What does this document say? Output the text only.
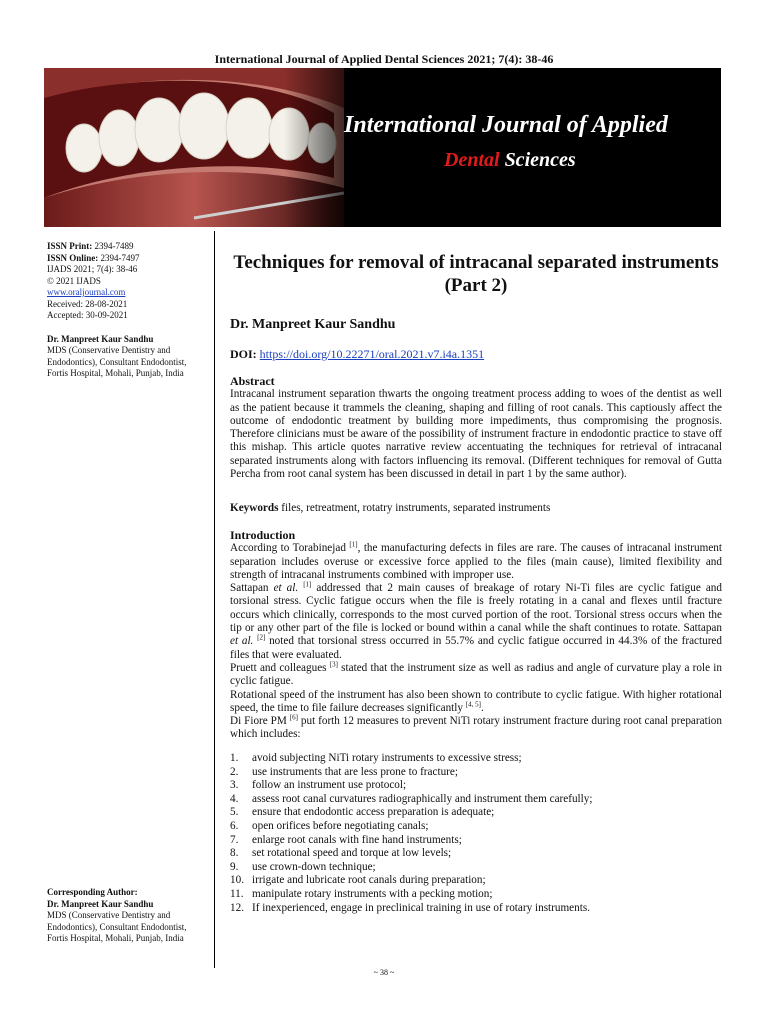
International Journal of Applied Dental Sciences 2021; 7(4): 38-46
International Journal of Applied
Dental Sciences
ISSN Print: 2394-7489
ISSN Online: 2394-7497
IJADS 2021; 7(4): 38-46
© 2021 IJADS
www.oraljournal.com
Received: 28-08-2021
Accepted: 30-09-2021
Dr. Manpreet Kaur Sandhu
MDS (Conservative Dentistry and Endodontics), Consultant Endodontist, Fortis Hospital, Mohali, Punjab, India
Corresponding Author:
Dr. Manpreet Kaur Sandhu
MDS (Conservative Dentistry and Endodontics), Consultant Endodontist, Fortis Hospital, Mohali, Punjab, India
Techniques for removal of intracanal separated instruments (Part 2)
Dr. Manpreet Kaur Sandhu
DOI: https://doi.org/10.22271/oral.2021.v7.i4a.1351
Abstract

Intracanal instrument separation thwarts the ongoing treatment process adding to woes of the dentist as well as the patient because it trammels the cleaning, shaping and filling of root canals. This captiously affect the outcome of endodontic treatment by building more impediments, thus compromising the prognosis. Therefore clinicians must be aware of the possibility of instrument fracture in endodontic practice to stave off this mishap. This article quotes narrative review accentuating the techniques for retrieval of intracanal separated instruments along with factors influencing its removal. (Different techniques for removal of Gutta Percha from root canal system has been discussed in detail in part 1 by the same author).

Keywords files, retreatment, rotatry instruments, separated instruments
Introduction

According to Torabinejad [1], the manufacturing defects in files are rare. The causes of intracanal instrument separation includes overuse or excessive force applied to the files (main cause), limited flexibility and strength of intracanal instruments combined with improper use.

Sattapan et al. [1] addressed that 2 main causes of breakage of rotary Ni-Ti files are cyclic fatigue and torsional stress. Cyclic fatigue occurs when the file is freely rotating in a canal and flexes until fracture occurs which clinically, corresponds to the most curved portion of the root. Torsional stress occurs when the tip or any other part of the file is locked or bound within a canal while the shaft continues to rotate. Sattapan et al. [2] noted that torsional stress occurred in 55.7% and cyclic fatigue occurred in 44.3% of the fractured files that were evaluated.

Pruett and colleagues [3] stated that the instrument size as well as radius and angle of curvature play a role in cyclic fatigue.

Rotational speed of the instrument has also been shown to contribute to cyclic fatigue. With higher rotational speed, the time to file failure decreases significantly [4, 5].

Di Fiore PM [6] put forth 12 measures to prevent NiTi rotary instrument fracture during root canal preparation which includes:

1.	avoid subjecting NiTi rotary instruments to excessive stress;
2.	use instruments that are less prone to fracture;
3.	follow an instrument use protocol;
4.	assess root canal curvatures radiographically and instrument them carefully;
5.	ensure that endodontic access preparation is adequate;
6.	open orifices before negotiating canals;
7.	enlarge root canals with fine hand instruments;
8.	set rotational speed and torque at low levels;
9.	use crown-down technique;
10. irrigate and lubricate root canals during preparation;
11. manipulate rotary instruments with a pecking motion;
12. If inexperienced, engage in preclinical training in use of rotary instruments.
~ 38 ~
